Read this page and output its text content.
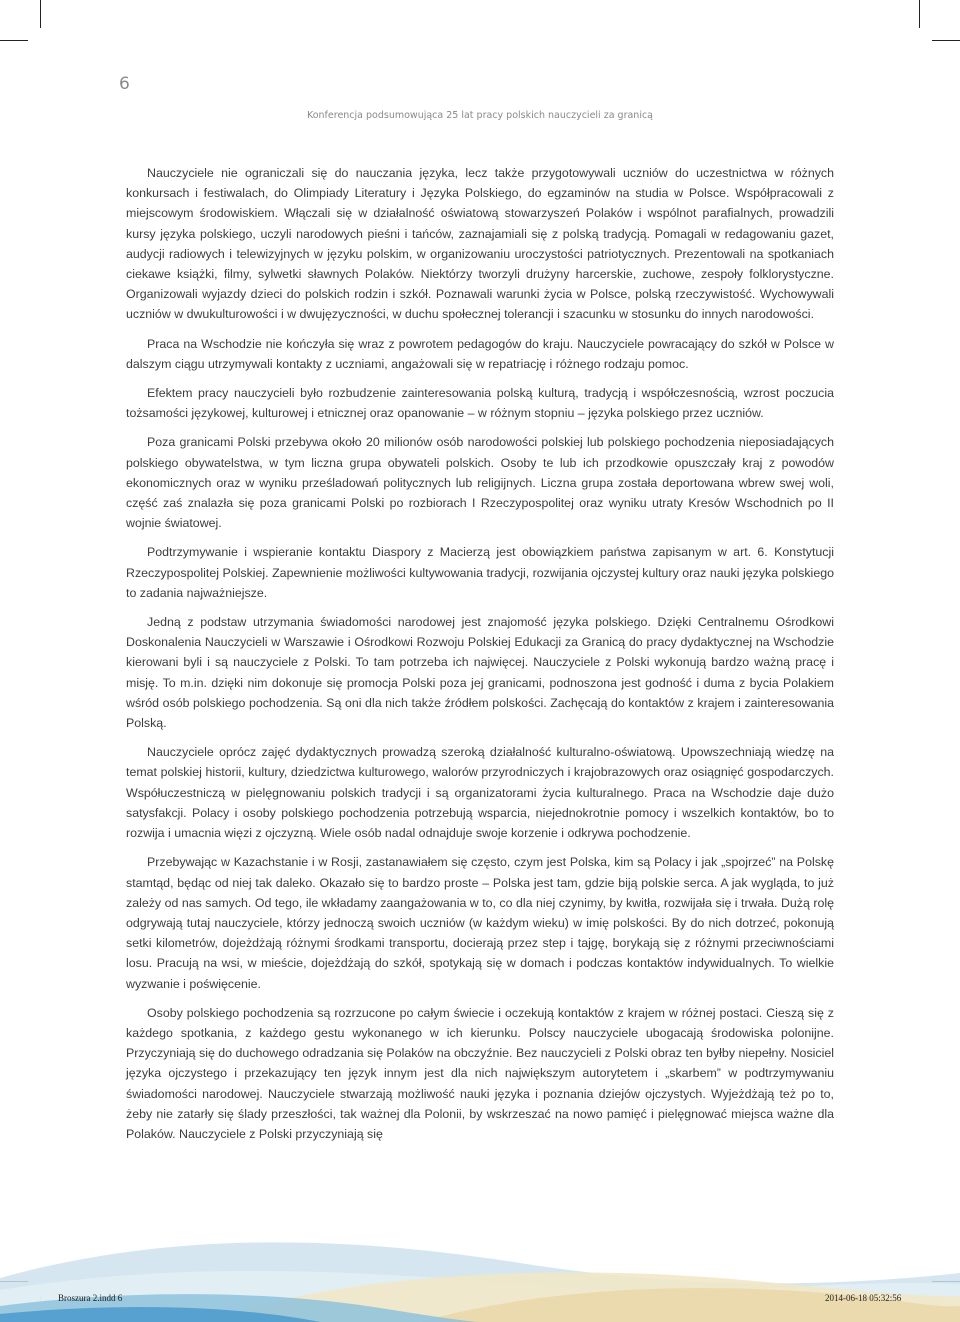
6
Konferencja podsumowująca 25 lat pracy polskich nauczycieli za granicą

Nauczyciele nie ograniczali się do nauczania języka, lecz także przygotowywali uczniów do uczestnictwa w różnych konkursach i festiwalach, do Olimpiady Literatury i Języka Polskiego, do egzaminów na studia w Polsce. Współpracowali z miejscowym środowiskiem. Włączali się w działalność oświatową stowarzyszeń Polaków i wspólnot parafialnych, prowadzili kursy języka polskiego, uczyli narodowych pieśni i tańców, zaznajamiali się z polską tradycją. Pomagali w redagowaniu gazet, audycji radiowych i telewizyjnych w języku polskim, w organizowaniu uroczystości patriotycznych. Prezentowali na spotkaniach ciekawe książki, filmy, sylwetki sławnych Polaków. Niektórzy tworzyli drużyny harcerskie, zuchowe, zespoły folklorystyczne. Organizowali wyjazdy dzieci do polskich rodzin i szkół. Poznawali warunki życia w Polsce, polską rzeczywistość. Wychowywali uczniów w dwukulturowości i w dwujęzyczności, w duchu społecznej tolerancji i szacunku w stosunku do innych narodowości.

Praca na Wschodzie nie kończyła się wraz z powrotem pedagogów do kraju. Nauczyciele powracający do szkół w Polsce w dalszym ciągu utrzymywali kontakty z uczniami, angażowali się w repatriację i różnego rodzaju pomoc.

Efektem pracy nauczycieli było rozbudzenie zainteresowania polską kulturą, tradycją i współczesnością, wzrost poczucia tożsamości językowej, kulturowej i etnicznej oraz opanowanie – w różnym stopniu – języka polskiego przez uczniów.

Poza granicami Polski przebywa około 20 milionów osób narodowości polskiej lub polskiego pochodzenia nieposiadających polskiego obywatelstwa, w tym liczna grupa obywateli polskich. Osoby te lub ich przodkowie opuszczały kraj z powodów ekonomicznych oraz w wyniku prześladowań politycznych lub religijnych. Liczna grupa została deportowana wbrew swej woli, część zaś znalazła się poza granicami Polski po rozbiorach I Rzeczypospolitej oraz wyniku utraty Kresów Wschodnich po II wojnie światowej.

Podtrzymywanie i wspieranie kontaktu Diaspory z Macierzą jest obowiązkiem państwa zapisanym w art. 6. Konstytucji Rzeczypospolitej Polskiej. Zapewnienie możliwości kultywowania tradycji, rozwijania ojczystej kultury oraz nauki języka polskiego to zadania najważniejsze.

Jedną z podstaw utrzymania świadomości narodowej jest znajomość języka polskiego. Dzięki Centralnemu Ośrodkowi Doskonalenia Nauczycieli w Warszawie i Ośrodkowi Rozwoju Polskiej Edukacji za Granicą do pracy dydaktycznej na Wschodzie kierowani byli i są nauczyciele z Polski. To tam potrzeba ich najwięcej. Nauczyciele z Polski wykonują bardzo ważną pracę i misję. To m.in. dzięki nim dokonuje się promocja Polski poza jej granicami, podnoszona jest godność i duma z bycia Polakiem wśród osób polskiego pochodzenia. Są oni dla nich także źródłem polskości. Zachęcają do kontaktów z krajem i zainteresowania Polską.

Nauczyciele oprócz zajęć dydaktycznych prowadzą szeroką działalność kulturalno-oświatową. Upowszechniają wiedzę na temat polskiej historii, kultury, dziedzictwa kulturowego, walorów przyrodniczych i krajobrazowych oraz osiągnięć gospodarczych. Współuczestniczą w pielęgnowaniu polskich tradycji i są organizatorami życia kulturalnego. Praca na Wschodzie daje dużo satysfakcji. Polacy i osoby polskiego pochodzenia potrzebują wsparcia, niejednokrotnie pomocy i wszelkich kontaktów, bo to rozwija i umacnia więzi z ojczyzną. Wiele osób nadal odnajduje swoje korzenie i odkrywa pochodzenie.

Przebywając w Kazachstanie i w Rosji, zastanawiałem się często, czym jest Polska, kim są Polacy i jak „spojrzeć” na Polskę stamtąd, będąc od niej tak daleko. Okazało się to bardzo proste – Polska jest tam, gdzie biją polskie serca. A jak wygląda, to już zależy od nas samych. Od tego, ile wkładamy zaangażowania w to, co dla niej czynimy, by kwitła, rozwijała się i trwała. Dużą rolę odgrywają tutaj nauczyciele, którzy jednoczą swoich uczniów (w każdym wieku) w imię polskości. By do nich dotrzeć, pokonują setki kilometrów, dojeżdżają różnymi środkami transportu, docierają przez step i tajgę, borykają się z różnymi przeciwnościami losu. Pracują na wsi, w mieście, dojeżdżają do szkół, spotykają się w domach i podczas kontaktów indywidualnych. To wielkie wyzwanie i poświęcenie.

Osoby polskiego pochodzenia są rozrzucone po całym świecie i oczekują kontaktów z krajem w różnej postaci. Cieszą się z każdego spotkania, z każdego gestu wykonanego w ich kierunku. Polscy nauczyciele ubogacają środowiska polonijne. Przyczyniają się do duchowego odradzania się Polaków na obczyźnie. Bez nauczycieli z Polski obraz ten byłby niepełny. Nosiciel języka ojczystego i przekazujący ten język innym jest dla nich największym autorytetem i „skarbem” w podtrzymywaniu świadomości narodowej. Nauczyciele stwarzają możliwość nauki języka i poznania dziejów ojczystych. Wyjeżdżają też po to, żeby nie zatarły się ślady przeszłości, tak ważnej dla Polonii, by wskrzeszać na nowo pamięć i pielęgnować miejsca ważne dla Polaków. Nauczyciele z Polski przyczyniają się

Broszura 2.indd 6	2014-06-18 05:32:56
